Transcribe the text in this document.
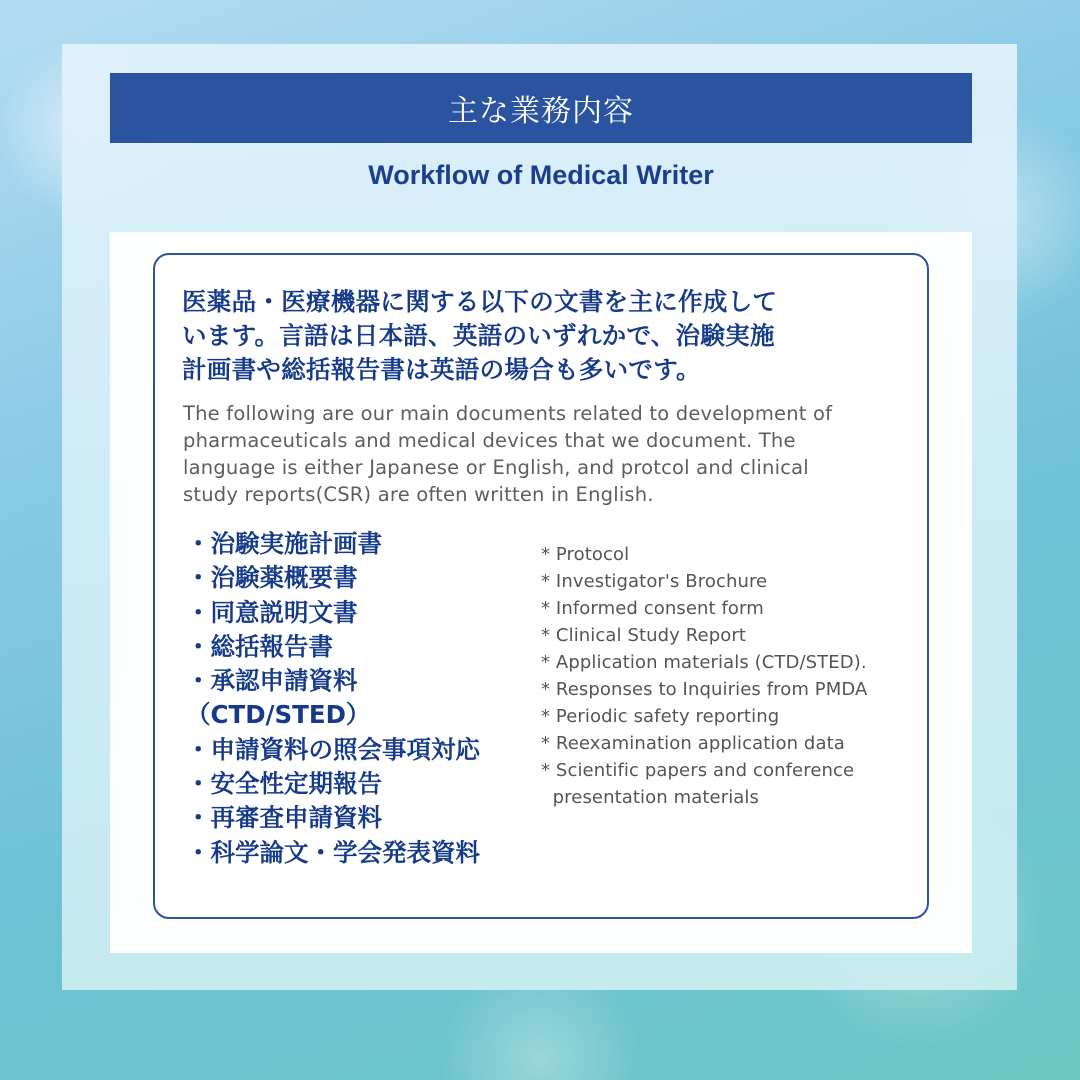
主な業務内容
Workflow of Medical Writer
医薬品・医療機器に関する以下の文書を主に作成して
います。言語は日本語、英語のいずれかで、治験実施
計画書や総括報告書は英語の場合も多いです。
The following are our main documents related to development of
pharmaceuticals and medical devices that we document. The
language is either Japanese or English, and protcol and clinical
study reports(CSR) are often written in English.
・治験実施計画書
・治験薬概要書
・同意説明文書
・総括報告書
・承認申請資料
（CTD/STED）
・申請資料の照会事項対応
・安全性定期報告
・再審査申請資料
・科学論文・学会発表資料
* Protocol
* Investigator's Brochure
* Informed consent form
* Clinical Study Report
* Application materials (CTD/STED).
* Responses to Inquiries from PMDA
* Periodic safety reporting
* Reexamination application data
* Scientific papers and conference
presentation materials
